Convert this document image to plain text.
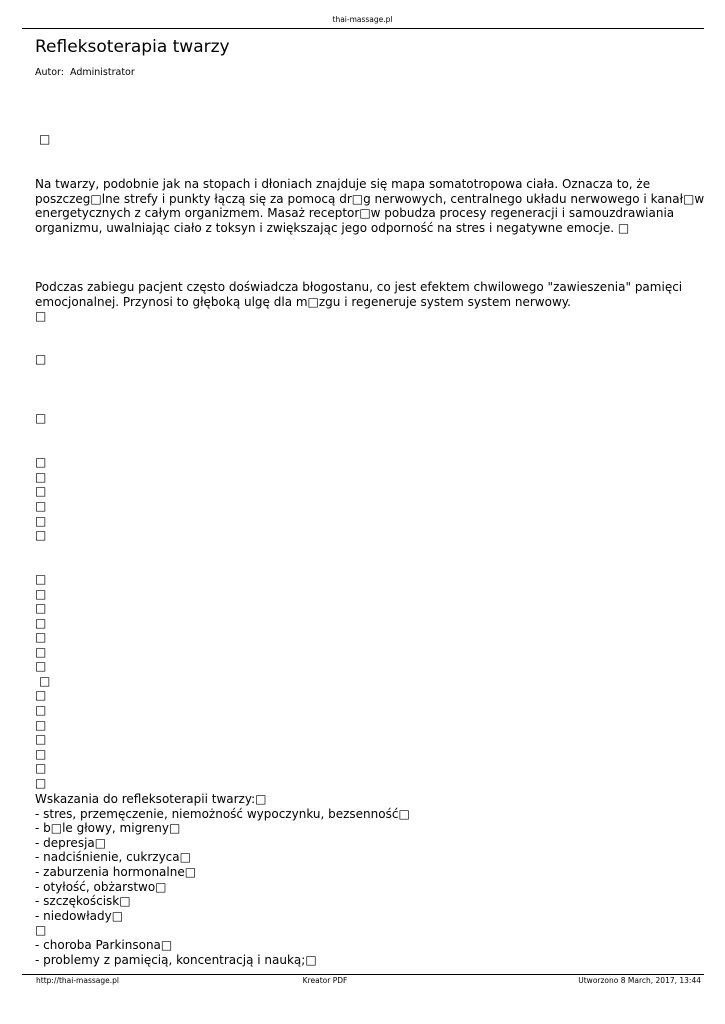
thai-massage.pl
Refleksoterapia twarzy
Autor: Administrator
□

Na twarzy, podobnie jak na stopach i dłoniach znajduje się mapa somatotropowa ciała. Oznacza to, że poszczeg□lne strefy i punkty łączą się za pomocą dr□g nerwowych, centralnego układu nerwowego i kanał□w energetycznych z całym organizmem. Masaż receptor□w pobudza procesy regeneracji i samouzdrawiania organizmu, uwalniając ciało z toksyn i zwiększając jego odporność na stres i negatywne emocje. □

Podczas zabiegu pacjent często doświadcza błogostanu, co jest efektem chwilowego "zawieszenia" pamięci emocjonalnej. Przynosi to głęboką ulgę dla m□zgu i regeneruje system system nerwowy.

□
□
□
□
□
□
□
□
□
□
□
□
□
□
□
□
□
□
□
□
□
□
□
□
Wskazania do refleksoterapii twarzy:□
- stres, przemęczenie, niemożność wypoczynku, bezsenność□
- b□le głowy, migreny□
- depresja□
- nadciśnienie, cukrzyca□
- zaburzenia hormonalne□
- otyłość, obżarstwo□
- szczękościsk□
- niedowłady□
□
- choroba Parkinsona□
- problemy z pamięcią, koncentracją i nauką;□
http://thai-massage.pl	Kreator PDF	Utworzono 8 March, 2017, 13:44
